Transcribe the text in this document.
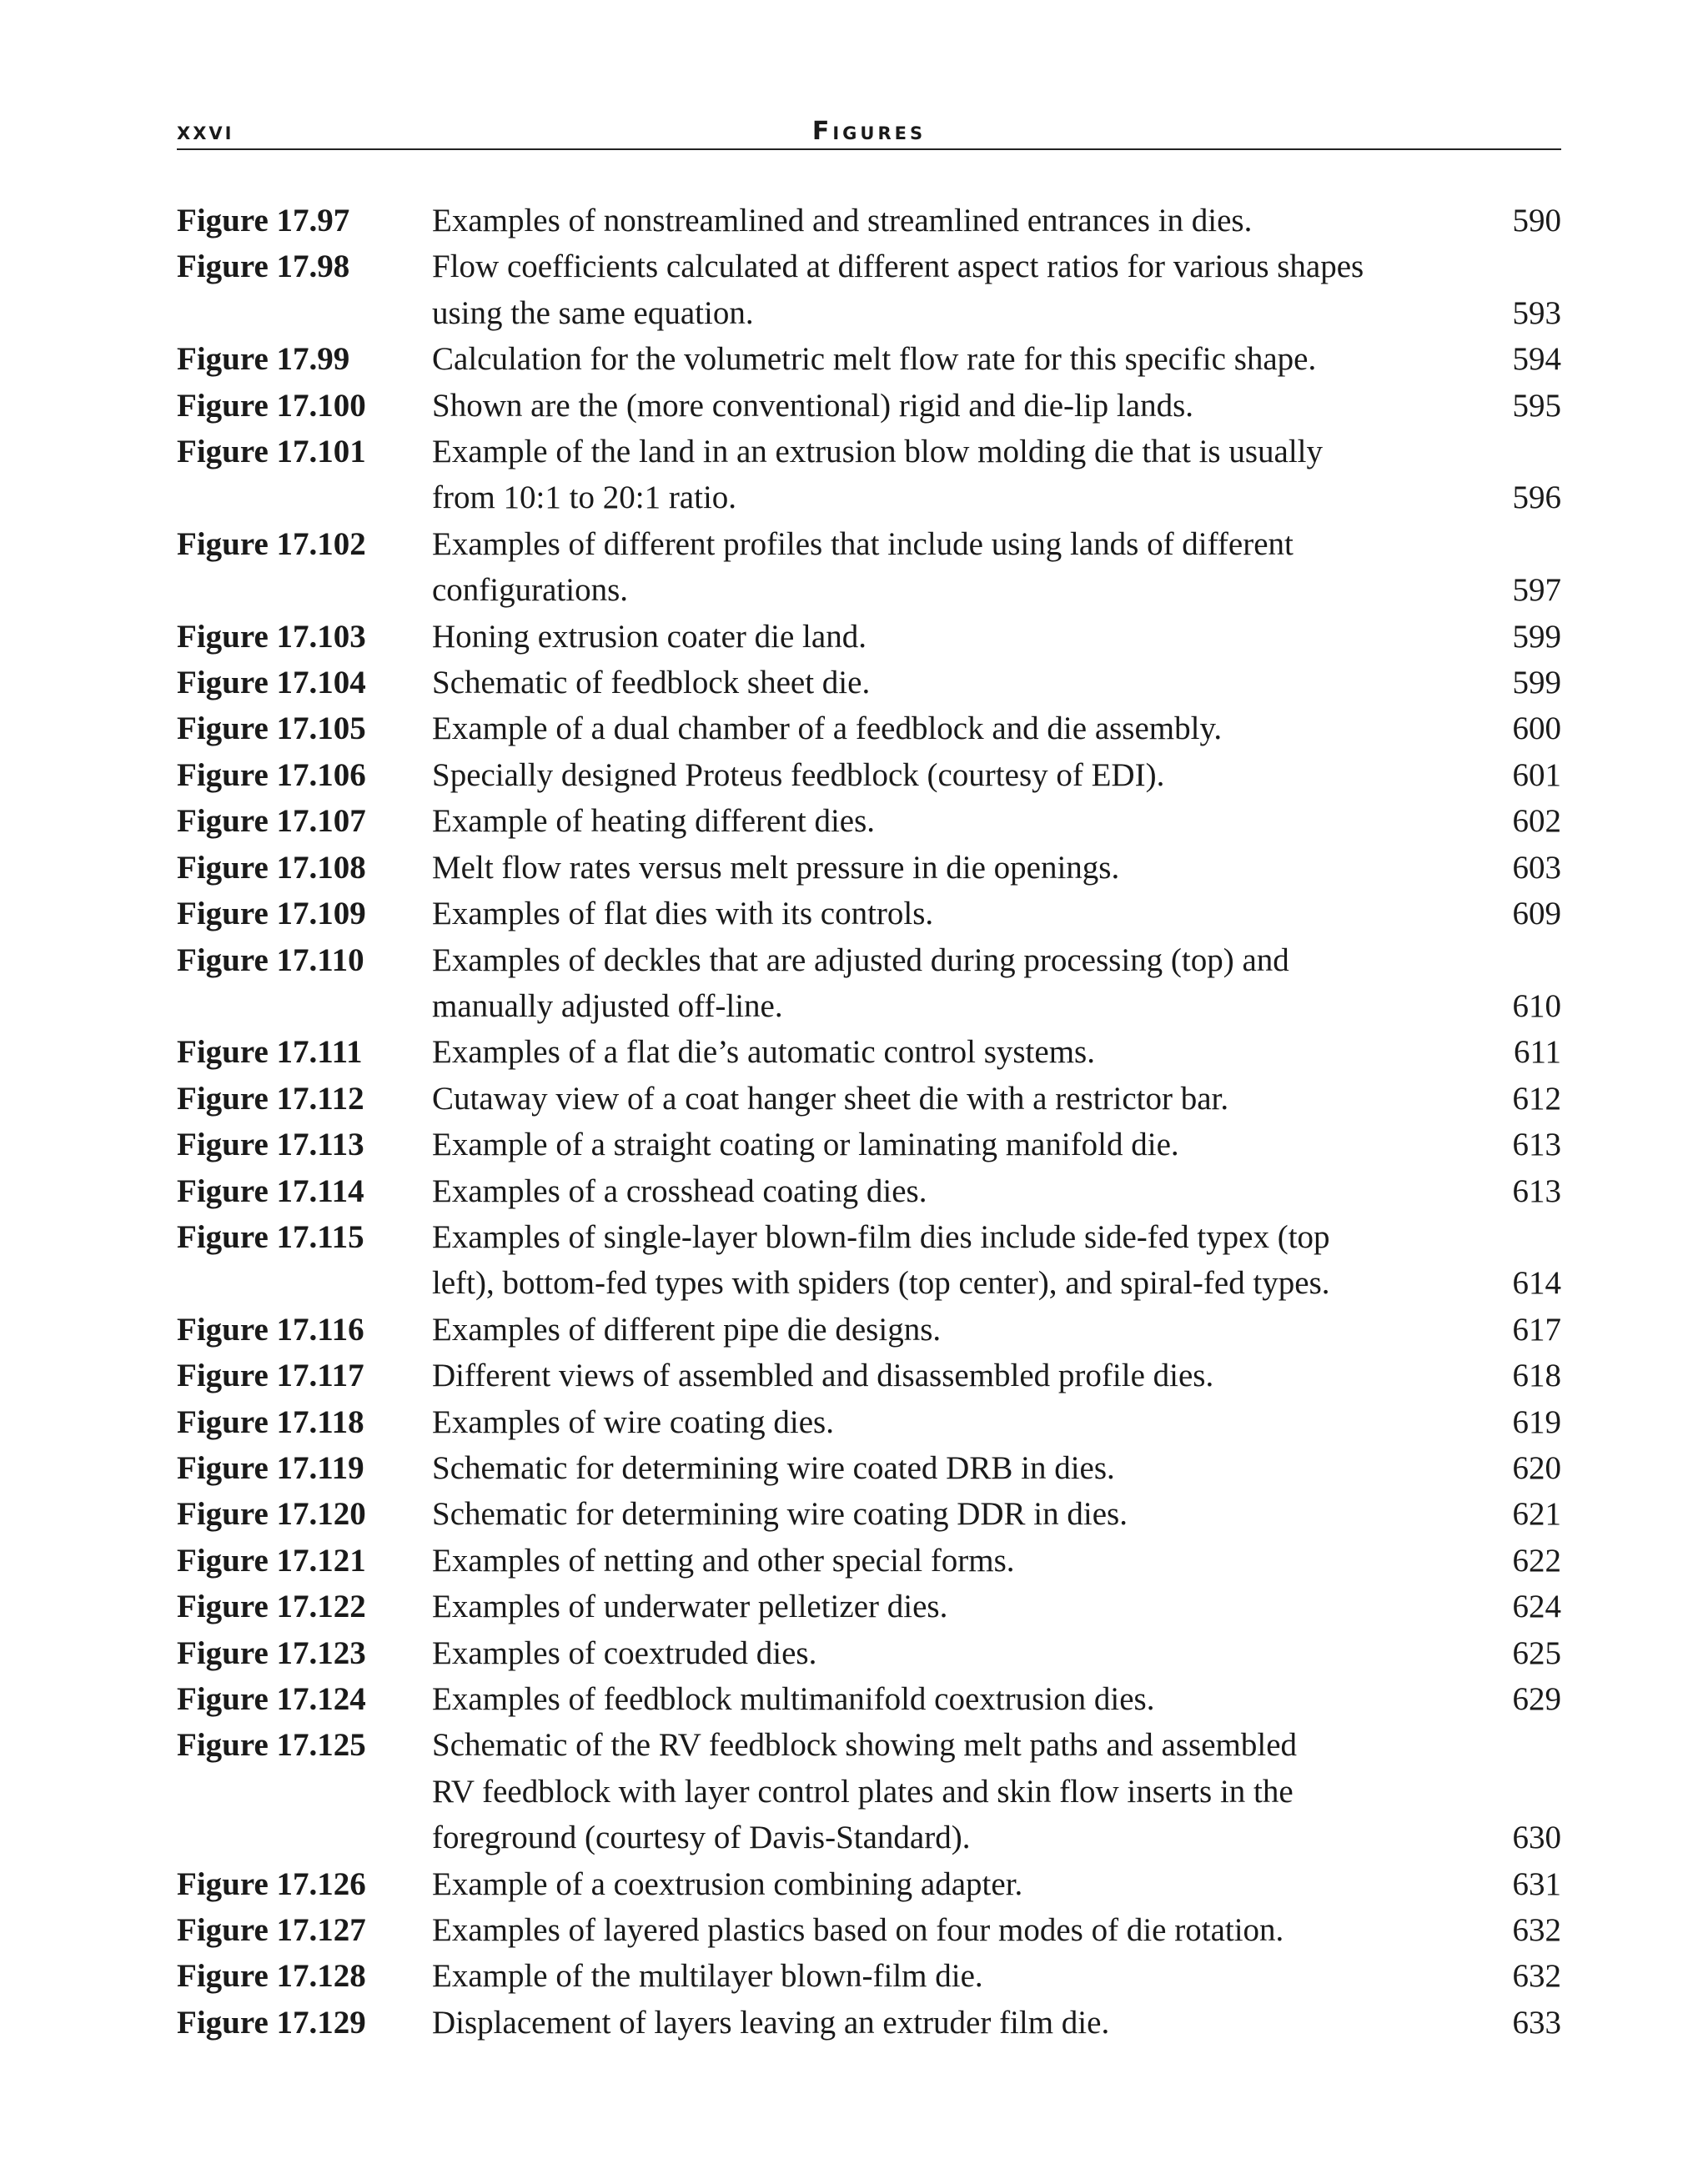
xxvi	Figures
Figure 17.97	Examples of nonstreamlined and streamlined entrances in dies.	590
Figure 17.98	Flow coefficients calculated at different aspect ratios for various shapes
using the same equation.	593
Figure 17.99	Calculation for the volumetric melt flow rate for this specific shape.	594
Figure 17.100	Shown are the (more conventional) rigid and die-lip lands.	595
Figure 17.101	Example of the land in an extrusion blow molding die that is usually
from 10:1 to 20:1 ratio.	596
Figure 17.102	Examples of different profiles that include using lands of different
configurations.	597
Figure 17.103	Honing extrusion coater die land.	599
Figure 17.104	Schematic of feedblock sheet die.	599
Figure 17.105	Example of a dual chamber of a feedblock and die assembly.	600
Figure 17.106	Specially designed Proteus feedblock (courtesy of EDI).	601
Figure 17.107	Example of heating different dies.	602
Figure 17.108	Melt flow rates versus melt pressure in die openings.	603
Figure 17.109	Examples of flat dies with its controls.	609
Figure 17.110	Examples of deckles that are adjusted during processing (top) and
manually adjusted off-line.	610
Figure 17.111	Examples of a flat die’s automatic control systems.	611
Figure 17.112	Cutaway view of a coat hanger sheet die with a restrictor bar.	612
Figure 17.113	Example of a straight coating or laminating manifold die.	613
Figure 17.114	Examples of a crosshead coating dies.	613
Figure 17.115	Examples of single-layer blown-film dies include side-fed typex (top
left), bottom-fed types with spiders (top center), and spiral-fed types.	614
Figure 17.116	Examples of different pipe die designs.	617
Figure 17.117	Different views of assembled and disassembled profile dies.	618
Figure 17.118	Examples of wire coating dies.	619
Figure 17.119	Schematic for determining wire coated DRB in dies.	620
Figure 17.120	Schematic for determining wire coating DDR in dies.	621
Figure 17.121	Examples of netting and other special forms.	622
Figure 17.122	Examples of underwater pelletizer dies.	624
Figure 17.123	Examples of coextruded dies.	625
Figure 17.124	Examples of feedblock multimanifold coextrusion dies.	629
Figure 17.125	Schematic of the RV feedblock showing melt paths and assembled
RV feedblock with layer control plates and skin flow inserts in the
foreground (courtesy of Davis-Standard).	630
Figure 17.126	Example of a coextrusion combining adapter.	631
Figure 17.127	Examples of layered plastics based on four modes of die rotation.	632
Figure 17.128	Example of the multilayer blown-film die.	632
Figure 17.129	Displacement of layers leaving an extruder film die.	633
